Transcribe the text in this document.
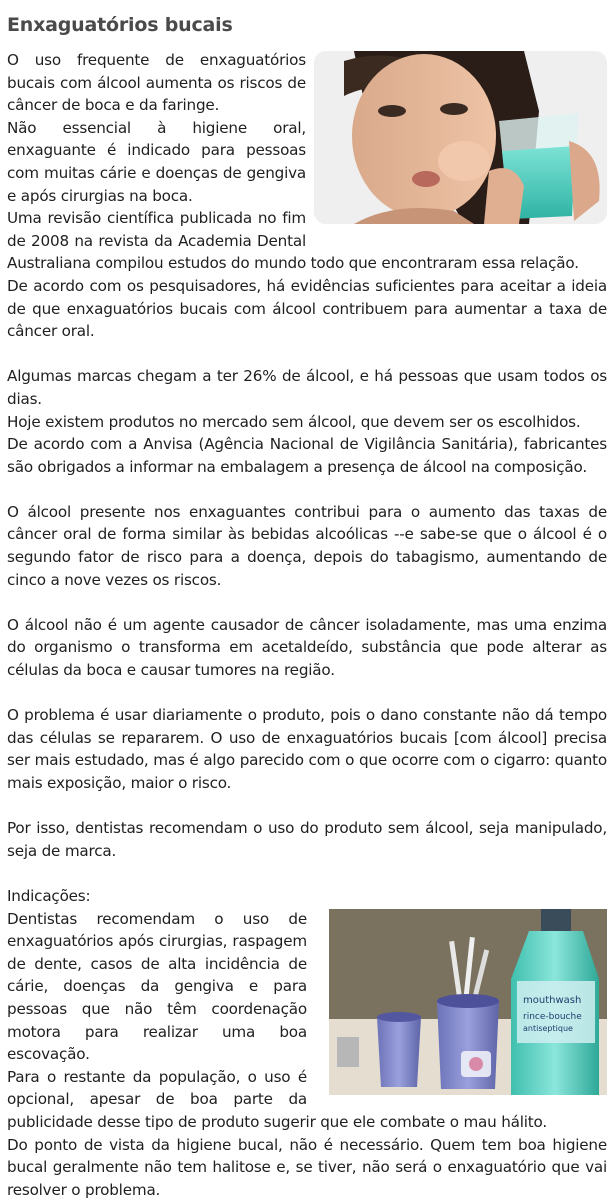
Enxaguatórios bucais

O uso frequente de enxaguatórios bucais com álcool aumenta os riscos de câncer de boca e da faringe.

Não essencial à higiene oral, enxaguante é indicado para pessoas com muitas cárie e doenças de gengiva e após cirurgias na boca.

Uma revisão científica publicada no fim de 2008 na revista da Academia Dental Australiana compilou estudos do mundo todo que encontraram essa relação.

De acordo com os pesquisadores, há evidências suficientes para aceitar a ideia de que enxaguatórios bucais com álcool contribuem para aumentar a taxa de câncer oral.

Algumas marcas chegam a ter 26% de álcool, e há pessoas que usam todos os dias.

Hoje existem produtos no mercado sem álcool, que devem ser os escolhidos.

De acordo com a Anvisa (Agência Nacional de Vigilância Sanitária), fabricantes são obrigados a informar na embalagem a presença de álcool na composição.

O álcool presente nos enxaguantes contribui para o aumento das taxas de câncer oral de forma similar às bebidas alcoólicas --e sabe-se que o álcool é o segundo fator de risco para a doença, depois do tabagismo, aumentando de cinco a nove vezes os riscos.

O álcool não é um agente causador de câncer isoladamente, mas uma enzima do organismo o transforma em acetaldeído, substância que pode alterar as células da boca e causar tumores na região.

O problema é usar diariamente o produto, pois o dano constante não dá tempo das células se repararem. O uso de enxaguatórios bucais [com álcool] precisa ser mais estudado, mas é algo parecido com o que ocorre com o cigarro: quanto mais exposição, maior o risco.

Por isso, dentistas recomendam o uso do produto sem álcool, seja manipulado, seja de marca.

Indicações:

mouthwash
rince-bouche
antiseptique

Dentistas recomendam o uso de enxaguatórios após cirurgias, raspagem de dente, casos de alta incidência de cárie, doenças da gengiva e para pessoas que não têm coordenação motora para realizar uma boa escovação.

Para o restante da população, o uso é opcional, apesar de boa parte da publicidade desse tipo de produto sugerir que ele combate o mau hálito.

Do ponto de vista da higiene bucal, não é necessário. Quem tem boa higiene bucal geralmente não tem halitose e, se tiver, não será o enxaguatório que vai resolver o problema.
